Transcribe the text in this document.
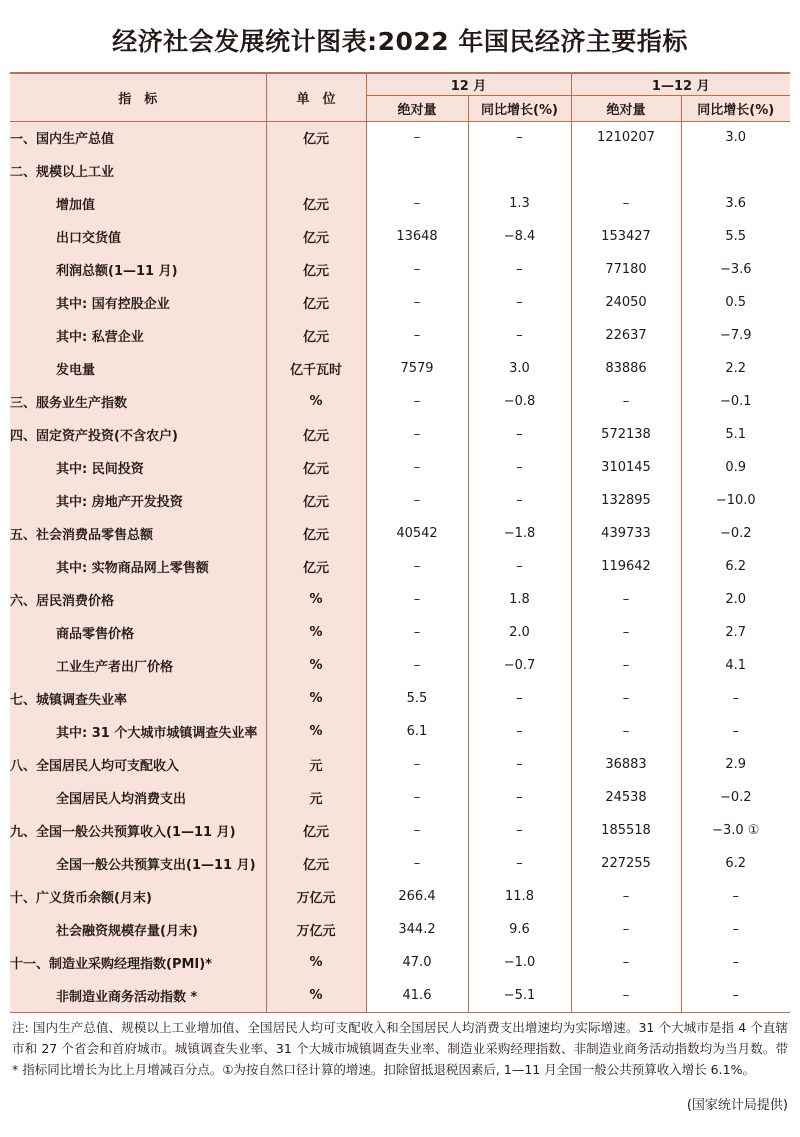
经济社会发展统计图表:2022 年国民经济主要指标
指　标	单　位	12 月		1—12 月	
		绝对量	同比增长(%)	绝对量	同比增长(%)
一、国内生产总值	亿元	–	–	1210207	3.0
二、规模以上工业					
增加值	亿元	–	1.3	–	3.6
出口交货值	亿元	13648	−8.4	153427	5.5
利润总额(1—11 月)	亿元	–	–	77180	−3.6
其中: 国有控股企业	亿元	–	–	24050	0.5
其中: 私营企业	亿元	–	–	22637	−7.9
发电量	亿千瓦时	7579	3.0	83886	2.2
三、服务业生产指数	%	–	−0.8	–	−0.1
四、固定资产投资(不含农户)	亿元	–	–	572138	5.1
其中: 民间投资	亿元	–	–	310145	0.9
其中: 房地产开发投资	亿元	–	–	132895	−10.0
五、社会消费品零售总额	亿元	40542	−1.8	439733	−0.2
其中: 实物商品网上零售额	亿元	–	–	119642	6.2
六、居民消费价格	%	–	1.8	–	2.0
商品零售价格	%	–	2.0	–	2.7
工业生产者出厂价格	%	–	−0.7	–	4.1
七、城镇调查失业率	%	5.5	–	–	–
其中: 31 个大城市城镇调查失业率	%	6.1	–	–	–
八、全国居民人均可支配收入	元	–	–	36883	2.9
全国居民人均消费支出	元	–	–	24538	−0.2
九、全国一般公共预算收入(1—11 月)	亿元	–	–	185518	−3.0 ①
全国一般公共预算支出(1—11 月)	亿元	–	–	227255	6.2
十、广义货币余额(月末)	万亿元	266.4	11.8	–	–
社会融资规模存量(月末)	万亿元	344.2	9.6	–	–
十一、制造业采购经理指数(PMI)*	%	47.0	−1.0	–	–
非制造业商务活动指数 *	%	41.6	−5.1	–	–
注: 国内生产总值、规模以上工业增加值、全国居民人均可支配收入和全国居民人均消费支出增速均为实际增速。31 个大城市是指 4 个直辖市和 27 个省会和首府城市。城镇调查失业率、31 个大城市城镇调查失业率、制造业采购经理指数、非制造业商务活动指数均为当月数。带 * 指标同比增长为比上月增减百分点。①为按自然口径计算的增速。扣除留抵退税因素后, 1—11 月全国一般公共预算收入增长 6.1%。
(国家统计局提供)
